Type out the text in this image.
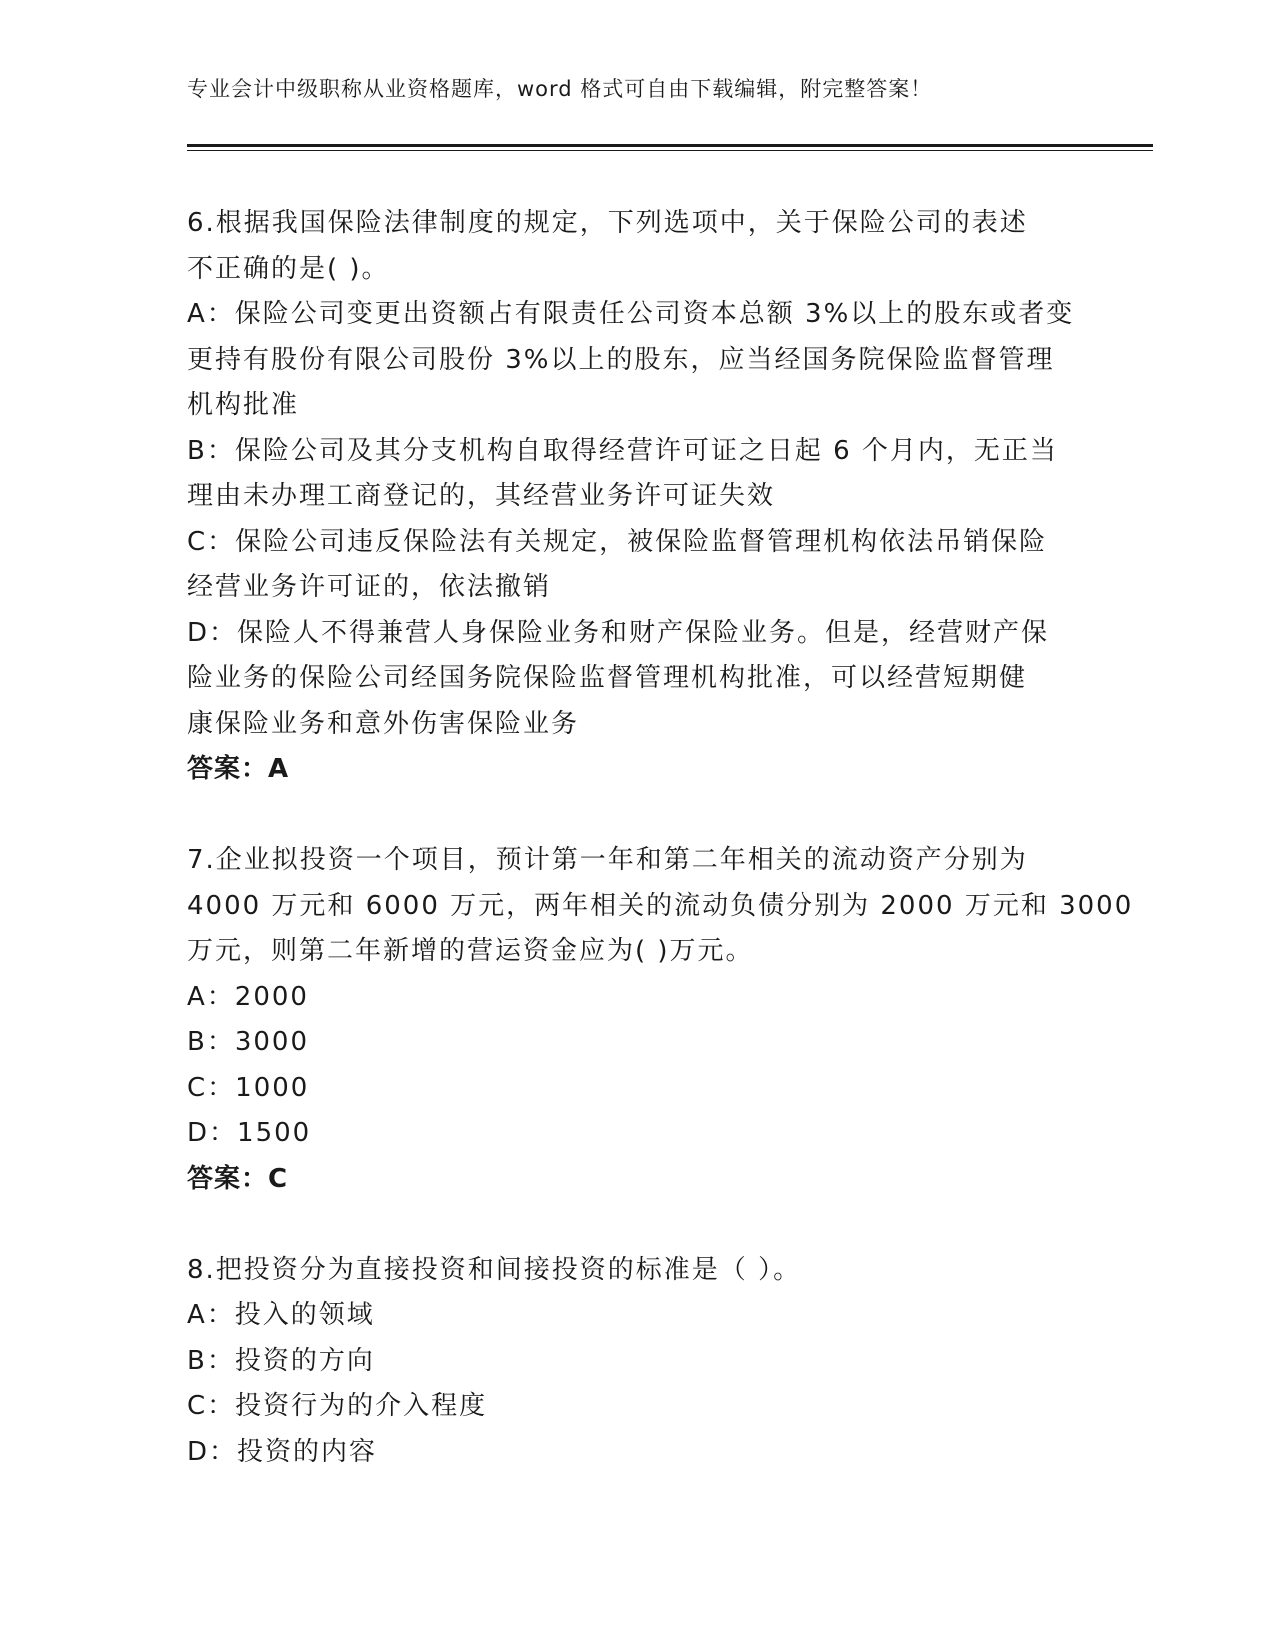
专业会计中级职称从业资格题库，word 格式可自由下载编辑，附完整答案！
6.根据我国保险法律制度的规定，下列选项中，关于保险公司的表述
不正确的是( )。
A：保险公司变更出资额占有限责任公司资本总额 3%以上的股东或者变
更持有股份有限公司股份 3%以上的股东，应当经国务院保险监督管理
机构批准
B：保险公司及其分支机构自取得经营许可证之日起 6 个月内，无正当
理由未办理工商登记的，其经营业务许可证失效
C：保险公司违反保险法有关规定，被保险监督管理机构依法吊销保险
经营业务许可证的，依法撤销
D：保险人不得兼营人身保险业务和财产保险业务。但是，经营财产保
险业务的保险公司经国务院保险监督管理机构批准，可以经营短期健
康保险业务和意外伤害保险业务
答案：A
7.企业拟投资一个项目，预计第一年和第二年相关的流动资产分别为
4000 万元和 6000 万元，两年相关的流动负债分别为 2000 万元和 3000
万元，则第二年新增的营运资金应为( )万元。
A：2000
B：3000
C：1000
D：1500
答案：C
8.把投资分为直接投资和间接投资的标准是（ ）。
A：投入的领域
B：投资的方向
C：投资行为的介入程度
D：投资的内容
